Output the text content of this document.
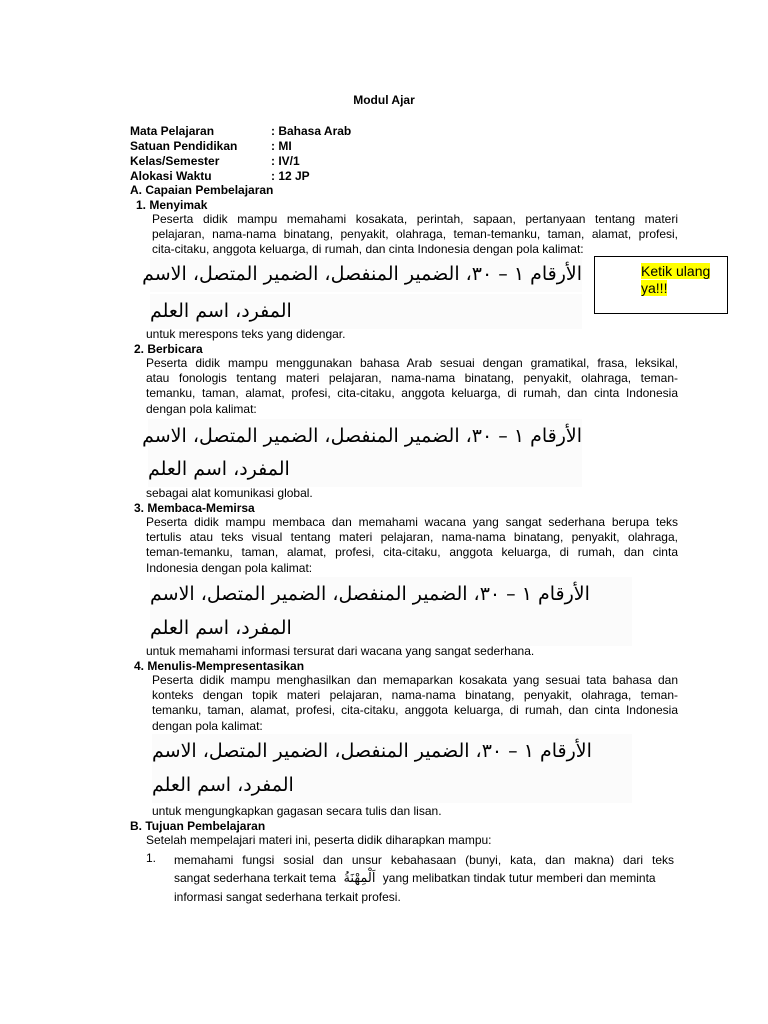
Modul Ajar
Mata Pelajaran	: Bahasa Arab
Satuan Pendidikan	: MI
Kelas/Semester	: IV/1
Alokasi Waktu	: 12 JP
A. Capaian Pembelajaran
1. Menyimak
Peserta didik mampu memahami kosakata, perintah, sapaan, pertanyaan tentang materi
pelajaran, nama-nama binatang, penyakit, olahraga, teman-temanku, taman, alamat, profesi,
cita-citaku, anggota keluarga, di rumah, dan cinta Indonesia dengan pola kalimat:
الأرقام ١ – ٣٠، الضمير المنفصل، الضمير المتصل، الاسم
المفرد، اسم العلم
untuk merespons teks yang didengar.
2. Berbicara
Peserta didik mampu menggunakan bahasa Arab sesuai dengan gramatikal, frasa, leksikal,
atau fonologis tentang materi pelajaran, nama-nama binatang, penyakit, olahraga, teman-
temanku, taman, alamat, profesi, cita-citaku, anggota keluarga, di rumah, dan cinta Indonesia
dengan pola kalimat:
الأرقام ١ – ٣٠، الضمير المنفصل، الضمير المتصل، الاسم
المفرد، اسم العلم
sebagai alat komunikasi global.
3. Membaca-Memirsa
Peserta didik mampu membaca dan memahami wacana yang sangat sederhana berupa teks
tertulis atau teks visual tentang materi pelajaran, nama-nama binatang, penyakit, olahraga,
teman-temanku, taman, alamat, profesi, cita-citaku, anggota keluarga, di rumah, dan cinta
Indonesia dengan pola kalimat:
الأرقام ١ – ٣٠، الضمير المنفصل، الضمير المتصل، الاسم
المفرد، اسم العلم
untuk memahami informasi tersurat dari wacana yang sangat sederhana.
4. Menulis-Mempresentasikan
Peserta didik mampu menghasilkan dan memaparkan kosakata yang sesuai tata bahasa dan
konteks dengan topik materi pelajaran, nama-nama binatang, penyakit, olahraga, teman-
temanku, taman, alamat, profesi, cita-citaku, anggota keluarga, di rumah, dan cinta Indonesia
dengan pola kalimat:
الأرقام ١ – ٣٠، الضمير المنفصل، الضمير المتصل، الاسم
المفرد، اسم العلم
untuk mengungkapkan gagasan secara tulis dan lisan.
B. Tujuan Pembelajaran
Setelah mempelajari materi ini, peserta didik diharapkan mampu:
1. memahami fungsi sosial dan unsur kebahasaan (bunyi, kata, dan makna) dari teks
sangat sederhana terkait tema اَلْمِهْنَةُ yang melibatkan tindak tutur memberi dan meminta
informasi sangat sederhana terkait profesi.
Ketik ulang ya!!!
